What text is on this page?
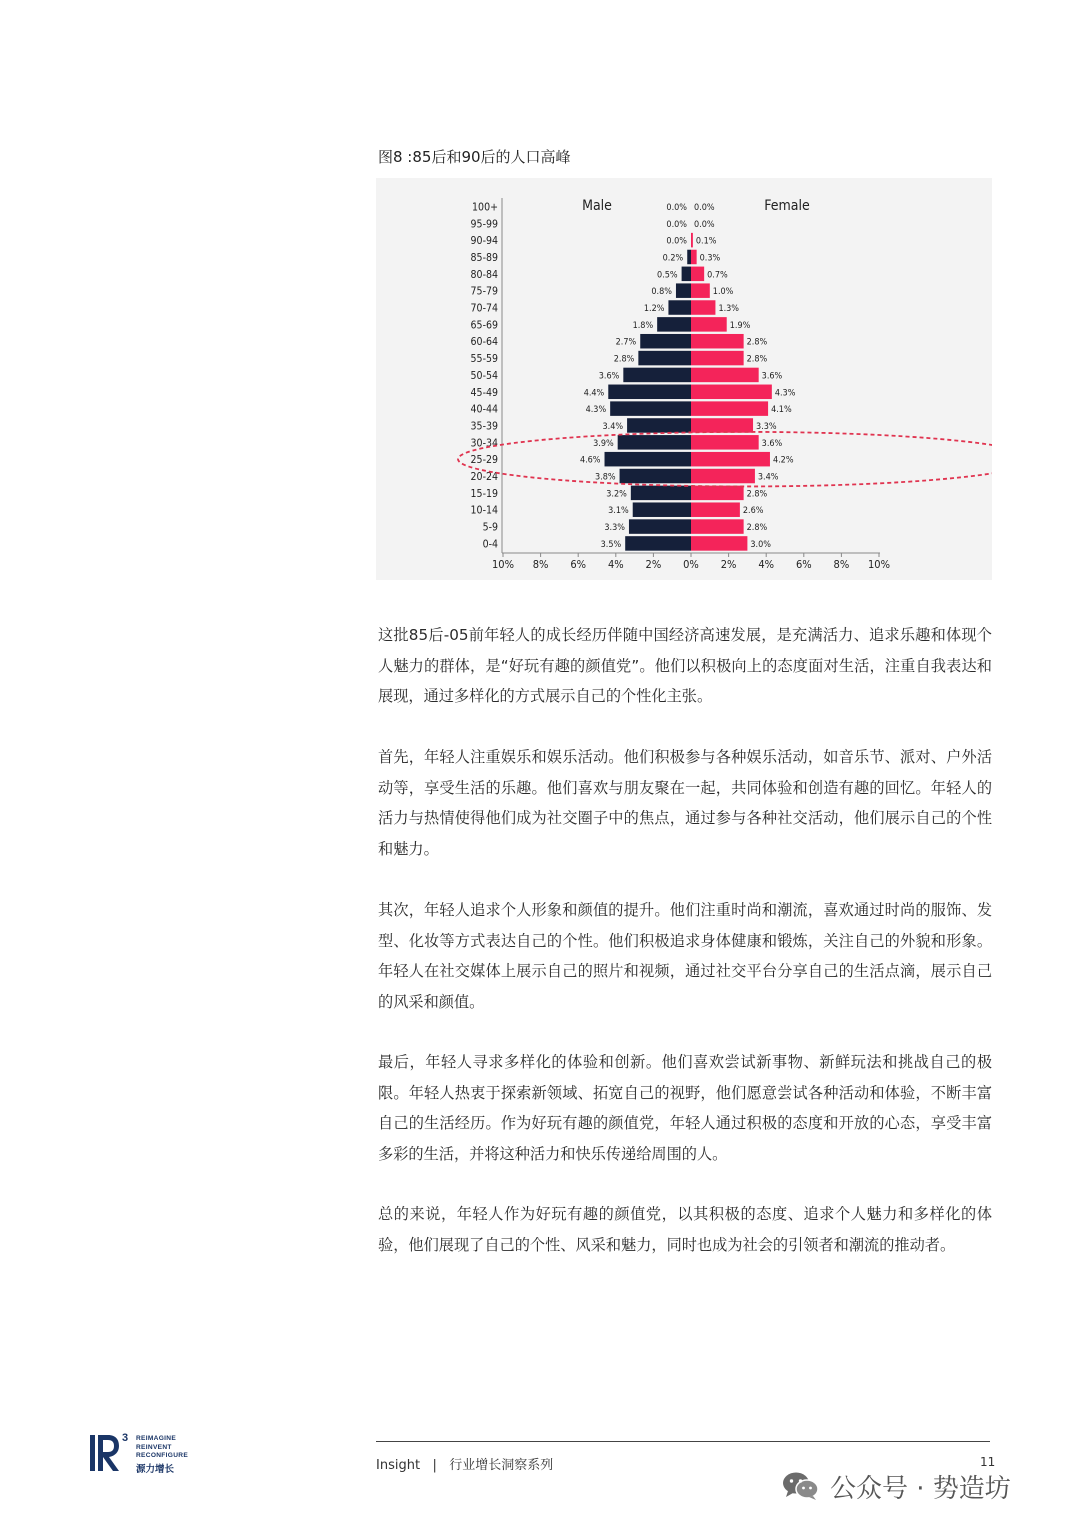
图8 :85后和90后的人口高峰
100+	0.0% 0.0%
95-99	0.0% 0.0%
90-94	0.0% 0.1%
85-89	0.2% 0.3%
80-84	0.5%	0.7%
75-79	0.8%	1.0%
70-74	1.2%	1.3%
65-69	1.8%	1.9%
60-64	2.7%	2.8%
55-59	2.8%	2.8%
50-54	3.6%	3.6%
45-49	4.4%	4.3%
40-44	4.3%	4.1%
35-39	3.4%	3.3%
30-34	3.9%	3.6%
25-29	4.6%	4.2%
20-24	3.8%	3.4%
15-19	3.2%	2.8%
10-14	3.1%	2.6%
5-9	3.3%	2.8%
0-4	3.5%	3.0%
Male	Female
10% 8% 6% 4% 2% 0% 2% 4% 6% 8% 10%

这批85后-05前年轻人的成长经历伴随中国经济高速发展，是充满活力、追求乐趣和体现个人魅力的群体，是“好玩有趣的颜值党”。他们以积极向上的态度面对生活，注重自我表达和展现，通过多样化的方式展示自己的个性化主张。

首先，年轻人注重娱乐和娱乐活动。他们积极参与各种娱乐活动，如音乐节、派对、户外活动等，享受生活的乐趣。他们喜欢与朋友聚在一起，共同体验和创造有趣的回忆。年轻人的活力与热情使得他们成为社交圈子中的焦点，通过参与各种社交活动，他们展示自己的个性和魅力。

其次，年轻人追求个人形象和颜值的提升。他们注重时尚和潮流，喜欢通过时尚的服饰、发型、化妆等方式表达自己的个性。他们积极追求身体健康和锻炼，关注自己的外貌和形象。年轻人在社交媒体上展示自己的照片和视频，通过社交平台分享自己的生活点滴，展示自己的风采和颜值。

最后，年轻人寻求多样化的体验和创新。他们喜欢尝试新事物、新鲜玩法和挑战自己的极限。年轻人热衷于探索新领域、拓宽自己的视野，他们愿意尝试各种活动和体验，不断丰富自己的生活经历。作为好玩有趣的颜值党，年轻人通过积极的态度和开放的心态，享受丰富多彩的生活，并将这种活力和快乐传递给周围的人。

总的来说，年轻人作为好玩有趣的颜值党，以其积极的态度、追求个人魅力和多样化的体验，他们展现了自己的个性、风采和魅力，同时也成为社会的引领者和潮流的推动者。

3 REIMAGINE
REINVENT
RECONFIGURE
源力增长	Insight   |   行业增长洞察系列	11
公众号 · 势造坊
